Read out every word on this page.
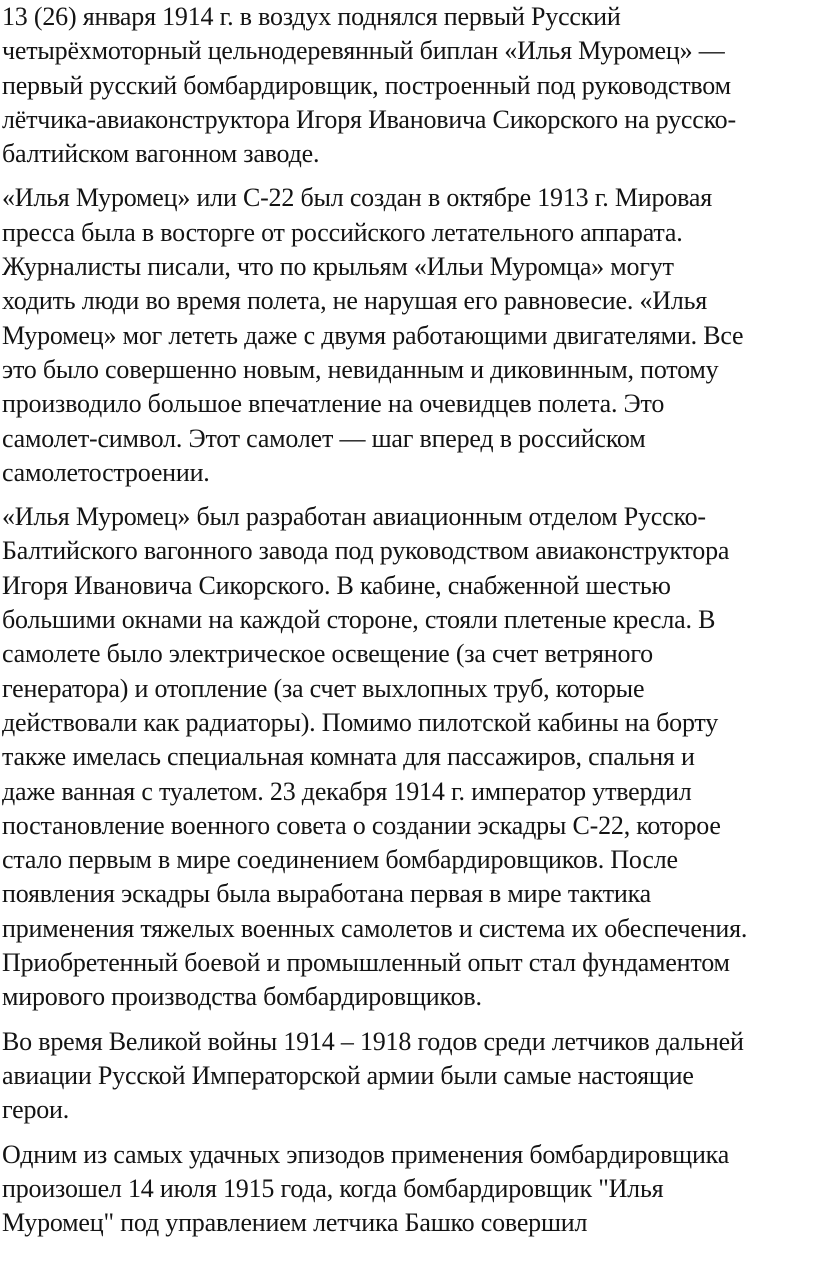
13 (26) января 1914 г. в воздух поднялся первый Русский
четырёхмоторный цельнодеревянный биплан «Илья Муромец» —
первый русский бомбардировщик, построенный под руководством
лётчика-авиаконструктора Игоря Ивановича Сикорского на русско-
балтийском вагонном заводе.

«Илья Муромец» или С-22 был создан в октябре 1913 г. Мировая
пресса была в восторге от российского летательного аппарата.
Журналисты писали, что по крыльям «Ильи Муромца» могут
ходить люди во время полета, не нарушая его равновесие. «Илья
Муромец» мог лететь даже с двумя работающими двигателями. Все
это было совершенно новым, невиданным и диковинным, потому
производило большое впечатление на очевидцев полета. Это
самолет-символ. Этот самолет — шаг вперед в российском
самолетостроении.

«Илья Муромец» был разработан авиационным отделом Русско-
Балтийского вагонного завода под руководством авиаконструктора
Игоря Ивановича Сикорского. В кабине, снабженной шестью
большими окнами на каждой стороне, стояли плетеные кресла. В
самолете было электрическое освещение (за счет ветряного
генератора) и отопление (за счет выхлопных труб, которые
действовали как радиаторы). Помимо пилотской кабины на борту
также имелась специальная комната для пассажиров, спальня и
даже ванная с туалетом. 23 декабря 1914 г. император утвердил
постановление военного совета о создании эскадры С-22, которое
стало первым в мире соединением бомбардировщиков. После
появления эскадры была выработана первая в мире тактика
применения тяжелых военных самолетов и система их обеспечения.
Приобретенный боевой и промышленный опыт стал фундаментом
мирового производства бомбардировщиков.

Во время Великой войны 1914 – 1918 годов среди летчиков дальней
авиации Русской Императорской армии были самые настоящие
герои.

Одним из самых удачных эпизодов применения бомбардировщика
произошел 14 июля 1915 года, когда бомбардировщик "Илья
Муромец" под управлением летчика Башко совершил
